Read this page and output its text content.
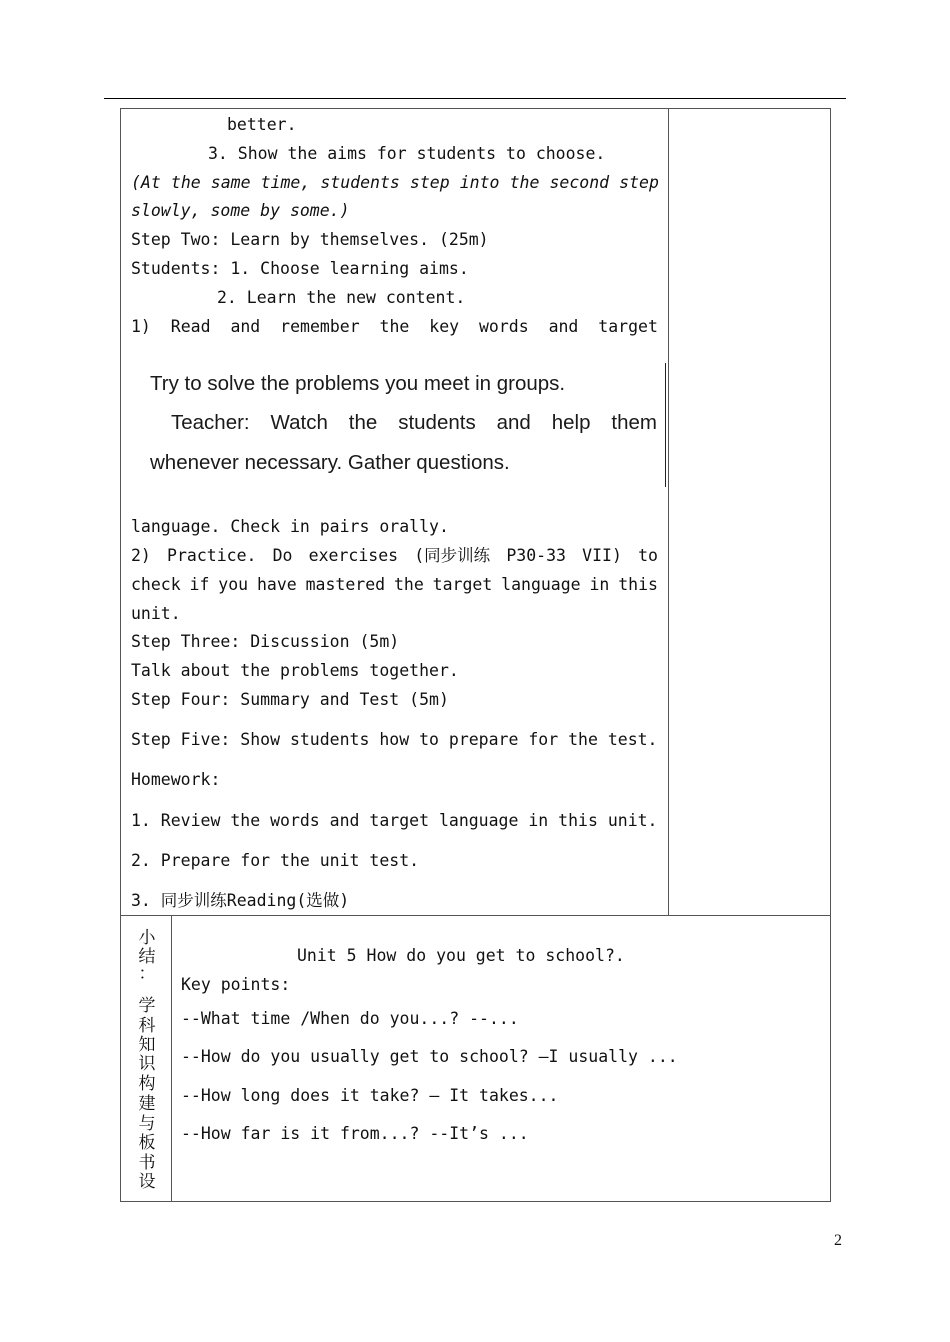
better.
3. Show the aims for students to choose.
(At the same time, students step into the second step
slowly, some by some.)
Step Two: Learn by themselves. (25m)
Students: 1. Choose learning aims.
2. Learn the new content.
1) Read and remember the key words and target
Try to solve the problems you meet in groups.
Teacher: Watch the students and help them
whenever necessary. Gather questions.
language. Check in pairs orally.
2) Practice. Do exercises (同步训练 P30-33 VII) to
check if you have mastered the target language in this
unit.
Step Three: Discussion (5m)
Talk about the problems together.
Step Four: Summary and Test (5m)
Step Five: Show students how to prepare for the test.
Homework:
1. Review the words and target language in this unit.
2. Prepare for the unit test.
3. 同步训练Reading(选做)
小
结
：
学
科
知
识
构
建
与
板
书
设
Unit 5 How do you get to school?.
Key points:
--What time /When do you...? --...
--How do you usually get to school? –I usually ...
--How long does it take? – It takes...
--How far is it from...? --It’s ...
2
